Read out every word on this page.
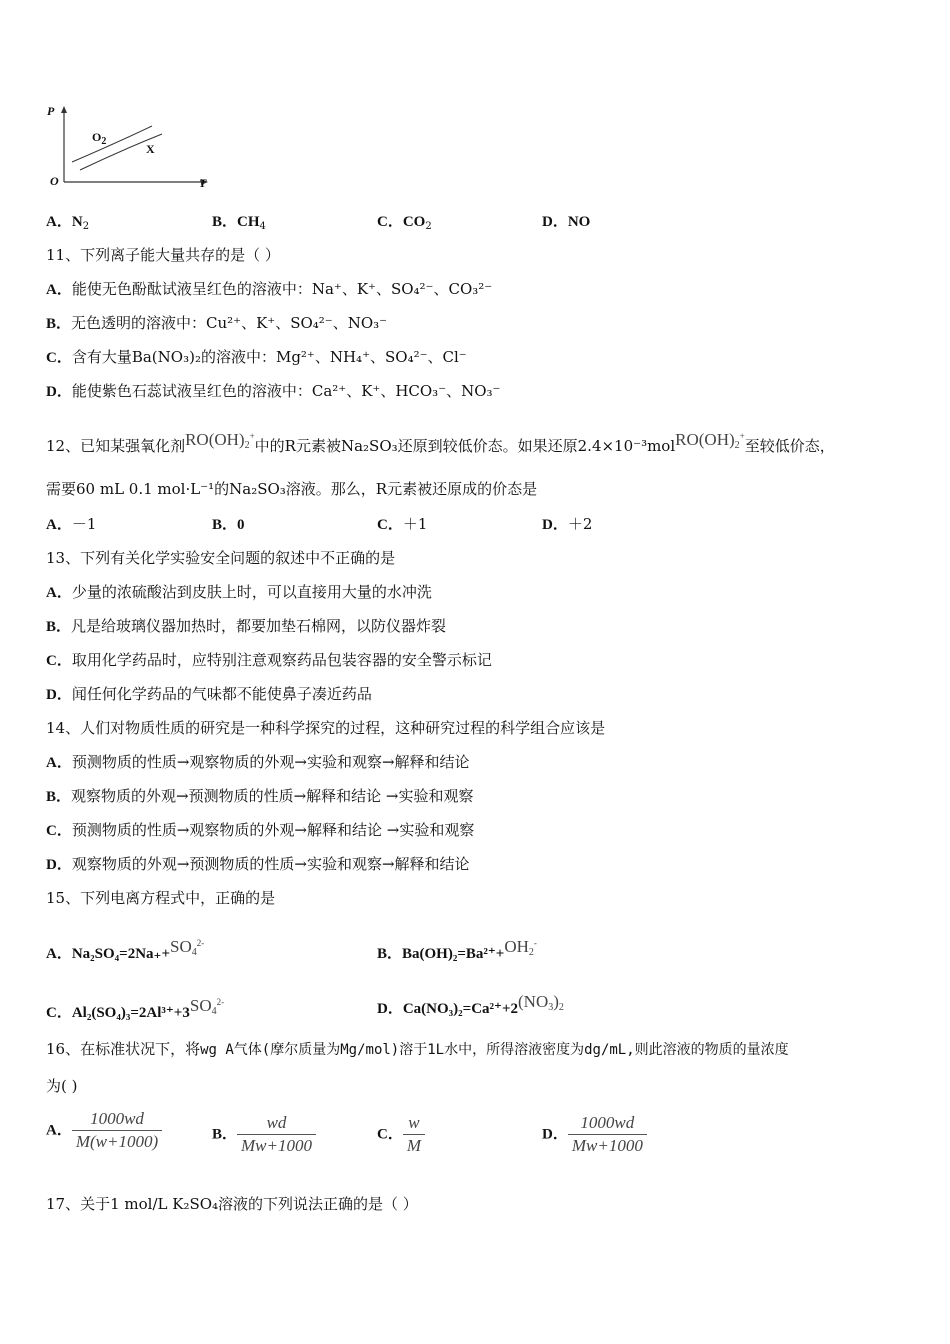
P
T
O
$O_2$
X
A．$N_2$	B．$CH_4$	C．$CO_2$	D．NO
11、下列离子能大量共存的是（ ）
A．能使无色酚酞试液呈红色的溶液中：Na⁺、K⁺、SO₄²⁻、CO₃²⁻
B．无色透明的溶液中：Cu²⁺、K⁺、SO₄²⁻、NO₃⁻
C．含有大量Ba(NO₃)₂的溶液中：Mg²⁺、NH₄⁺、SO₄²⁻、Cl⁻
D．能使紫色石蕊试液呈红色的溶液中：Ca²⁺、K⁺、HCO₃⁻、NO₃⁻
12、已知某强氧化剂$RO(OH)_2^+$中的R元素被Na₂SO₃还原到较低价态。如果还原$2.4\times 10^{-3}molRO(OH)_2^+$至较低价态，
需要60 mL 0.1 mol·L⁻¹的Na₂SO₃溶液。那么，R元素被还原成的价态是
A．－1	B．0	C．＋1	D．＋2
13、下列有关化学实验安全问题的叙述中不正确的是
A．少量的浓硫酸沾到皮肤上时，可以直接用大量的水冲洗
B．凡是给玻璃仪器加热时，都要加垫石棉网，以防仪器炸裂
C．取用化学药品时，应特别注意观察药品包装容器的安全警示标记
D．闻任何化学药品的气味都不能使鼻子凑近药品
14、人们对物质性质的研究是一种科学探究的过程，这种研究过程的科学组合应该是
A．预测物质的性质→观察物质的外观→实验和观察→解释和结论
B．观察物质的外观→预测物质的性质→解释和结论 →实验和观察
C．预测物质的性质→观察物质的外观→解释和结论 →实验和观察
D．观察物质的外观→预测物质的性质→实验和观察→解释和结论
15、下列电离方程式中，正确的是
A．$Na_2SO_4=2Na_++SO_4^{2-}$
B．$Ba(OH)_2=Ba^{2+}+OH_2^-$
C．$Al_2(SO_4)_3=2Al^{3+}+3SO_4^{2-}$	D．$Ca(NO_3)_2=Ca^{2+}+2(NO_3)_2$
16、在标准状况下，将wg A气体(摩尔质量为Mg/mol)溶于1L水中，所得溶液密度为dg/mL,则此溶液的物质的量浓度
为( )
A． $\frac{1000wd}{M(w+1000)}$	B． $\frac{wd}{Mw+1000}$	C． $\frac{w}{M}$	D． $\frac{1000wd}{Mw+1000}$
17、关于1 mol/L K₂SO₄溶液的下列说法正确的是（ ）
